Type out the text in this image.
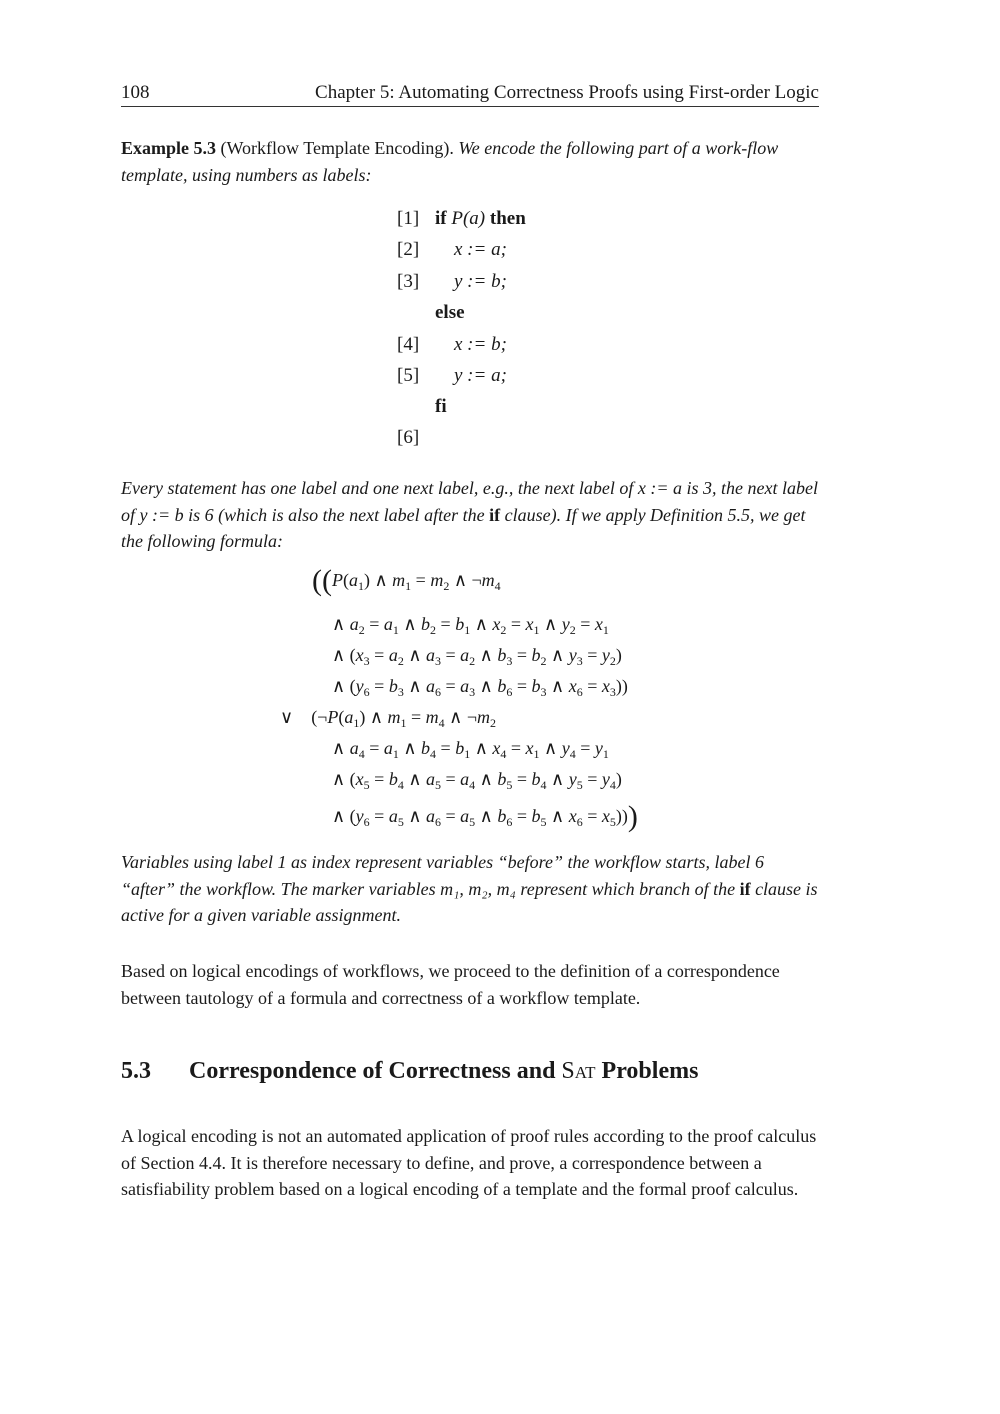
108	Chapter 5: Automating Correctness Proofs using First-order Logic
Example 5.3 (Workflow Template Encoding). We encode the following part of a work-flow template, using numbers as labels:
[1] if P(a) then
[2]	x := a;
[3]	y := b;
else
[4]	x := b;
[5]	y := a;
fi
[6]
Every statement has one label and one next label, e.g., the next label of x := a is 3, the next label of y := b is 6 (which is also the next label after the if clause). If we apply Definition 5.5, we get the following formula:
(($P(a_1)$ ∧ $m_1 = m_2$ ∧ $\neg m_4$
∧ $a_2 = a_1$ ∧ $b_2 = b_1$ ∧ $x_2 = x_1$ ∧ $y_2 = x_1$
∧ ($x_3 = a_2$ ∧ $a_3 = a_2$ ∧ $b_3 = b_2$ ∧ $y_3 = y_2$)
∧ ($y_6 = b_3$ ∧ $a_6 = a_3$ ∧ $b_6 = b_3$ ∧ $x_6 = x_3$))
∨    ($\neg P(a_1)$ ∧ $m_1 = m_4$ ∧ $\neg m_2$
∧ $a_4 = a_1$ ∧ $b_4 = b_1$ ∧ $x_4 = x_1$ ∧ $y_4 = y_1$
∧ ($x_5 = b_4$ ∧ $a_5 = a_4$ ∧ $b_5 = b_4$ ∧ $y_5 = y_4$)
∧ ($y_6 = a_5$ ∧ $a_6 = a_5$ ∧ $b_6 = b_5$ ∧ $x_6 = x_5$)))
Variables using label 1 as index represent variables “before” the workflow starts, label 6 “after” the workflow. The marker variables m₁, m₂, m₄ represent which branch of the if clause is active for a given variable assignment.
Based on logical encodings of workflows, we proceed to the definition of a correspondence between tautology of a formula and correctness of a workflow template.
5.3 Correspondence of Correctness and Sat Problems
A logical encoding is not an automated application of proof rules according to the proof calculus of Section 4.4. It is therefore necessary to define, and prove, a correspondence between a satisfiability problem based on a logical encoding of a template and the formal proof calculus.
